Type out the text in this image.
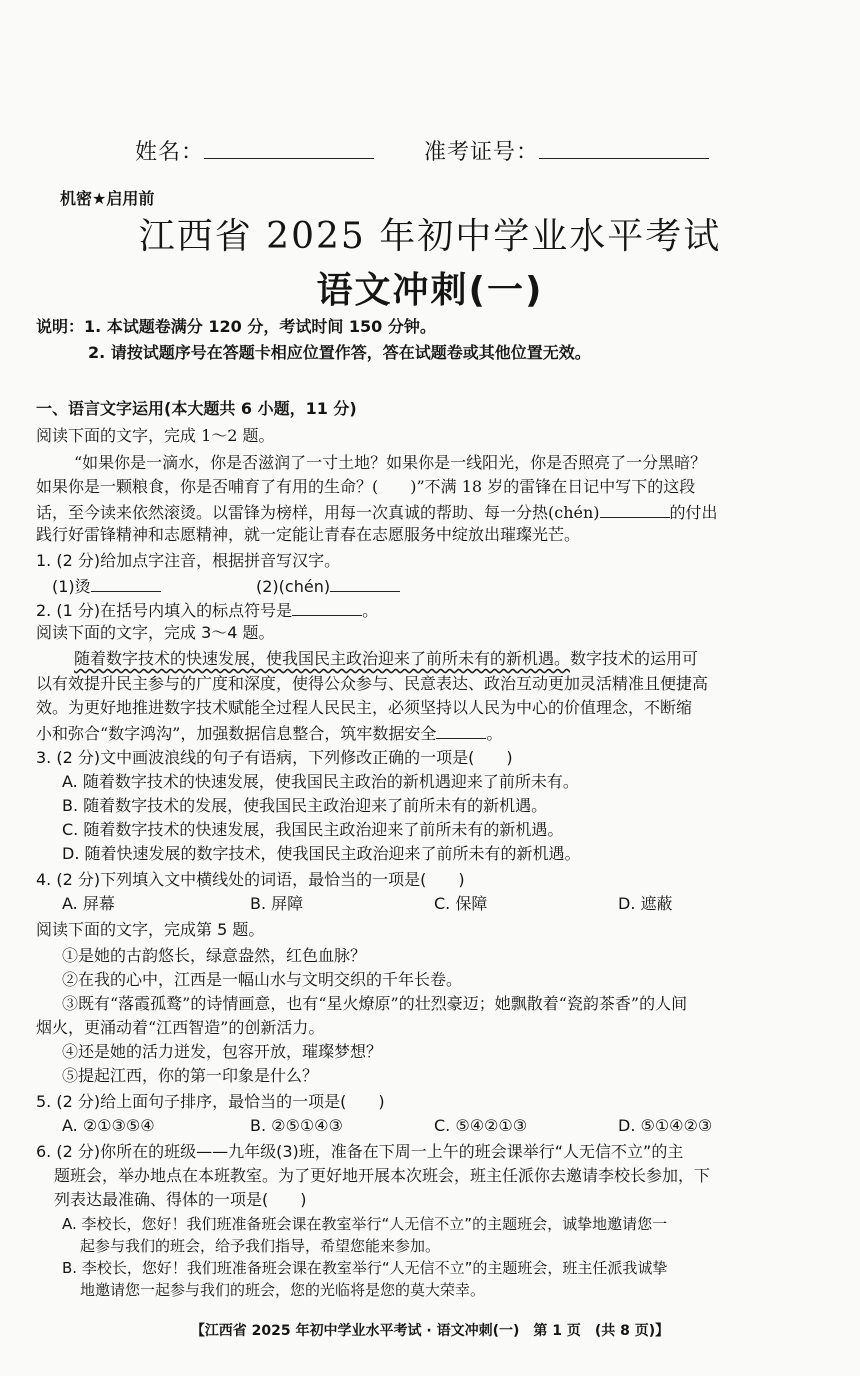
姓名：	准考证号：
机密★启用前
江西省 2025 年初中学业水平考试
语文冲刺(一)
说明：1. 本试题卷满分 120 分，考试时间 150 分钟。
2. 请按试题序号在答题卡相应位置作答，答在试题卷或其他位置无效。
一、语言文字运用(本大题共 6 小题，11 分)
阅读下面的文字，完成 1～2 题。
“如果你是一滴水，你是否滋润了一寸土地？如果你是一线阳光，你是否照亮了一分黑暗？
如果你是一颗粮食，你是否哺育了有用的生命？(　　)”不满 18 岁的雷锋在日记中写下的这段
话，至今读来依然滚烫。以雷锋为榜样，用每一次真诚的帮助、每一分热(chén)	的付出
践行好雷锋精神和志愿精神，就一定能让青春在志愿服务中绽放出璀璨光芒。
1. (2 分)给加点字注音，根据拼音写汉字。
(1)烫	(2)(chén)
2. (1 分)在括号内填入的标点符号是	。
阅读下面的文字，完成 3～4 题。
随着数字技术的快速发展，使我国民主政治迎来了前所未有的新机遇。数字技术的运用可
以有效提升民主参与的广度和深度，使得公众参与、民意表达、政治互动更加灵活精准且便捷高
效。为更好地推进数字技术赋能全过程人民民主，必须坚持以人民为中心的价值理念，不断缩
小和弥合“数字鸿沟”，加强数据信息整合，筑牢数据安全	。
3. (2 分)文中画波浪线的句子有语病，下列修改正确的一项是(　　)
A. 随着数字技术的快速发展，使我国民主政治的新机遇迎来了前所未有。
B. 随着数字技术的发展，使我国民主政治迎来了前所未有的新机遇。
C. 随着数字技术的快速发展，我国民主政治迎来了前所未有的新机遇。
D. 随着快速发展的数字技术，使我国民主政治迎来了前所未有的新机遇。
4. (2 分)下列填入文中横线处的词语，最恰当的一项是(　　)
A. 屏幕	B. 屏障	C. 保障	D. 遮蔽
阅读下面的文字，完成第 5 题。
①是她的古韵悠长，绿意盎然，红色血脉？
②在我的心中，江西是一幅山水与文明交织的千年长卷。
③既有“落霞孤鹜”的诗情画意，也有“星火燎原”的壮烈豪迈；她飘散着“瓷韵茶香”的人间
烟火，更涌动着“江西智造”的创新活力。
④还是她的活力迸发，包容开放，璀璨梦想？
⑤提起江西，你的第一印象是什么？
5. (2 分)给上面句子排序，最恰当的一项是(　　)
A. ②①③⑤④	B. ②⑤①④③	C. ⑤④②①③	D. ⑤①④②③
6. (2 分)你所在的班级——九年级(3)班，准备在下周一上午的班会课举行“人无信不立”的主
题班会，举办地点在本班教室。为了更好地开展本次班会，班主任派你去邀请李校长参加，下
列表达最准确、得体的一项是(　　)
A. 李校长，您好！我们班准备班会课在教室举行“人无信不立”的主题班会，诚挚地邀请您一
起参与我们的班会，给予我们指导，希望您能来参加。
B. 李校长，您好！我们班准备班会课在教室举行“人无信不立”的主题班会，班主任派我诚挚
地邀请您一起参与我们的班会，您的光临将是您的莫大荣幸。
【江西省 2025 年初中学业水平考试 · 语文冲刺(一)　第 1 页　(共 8 页)】
